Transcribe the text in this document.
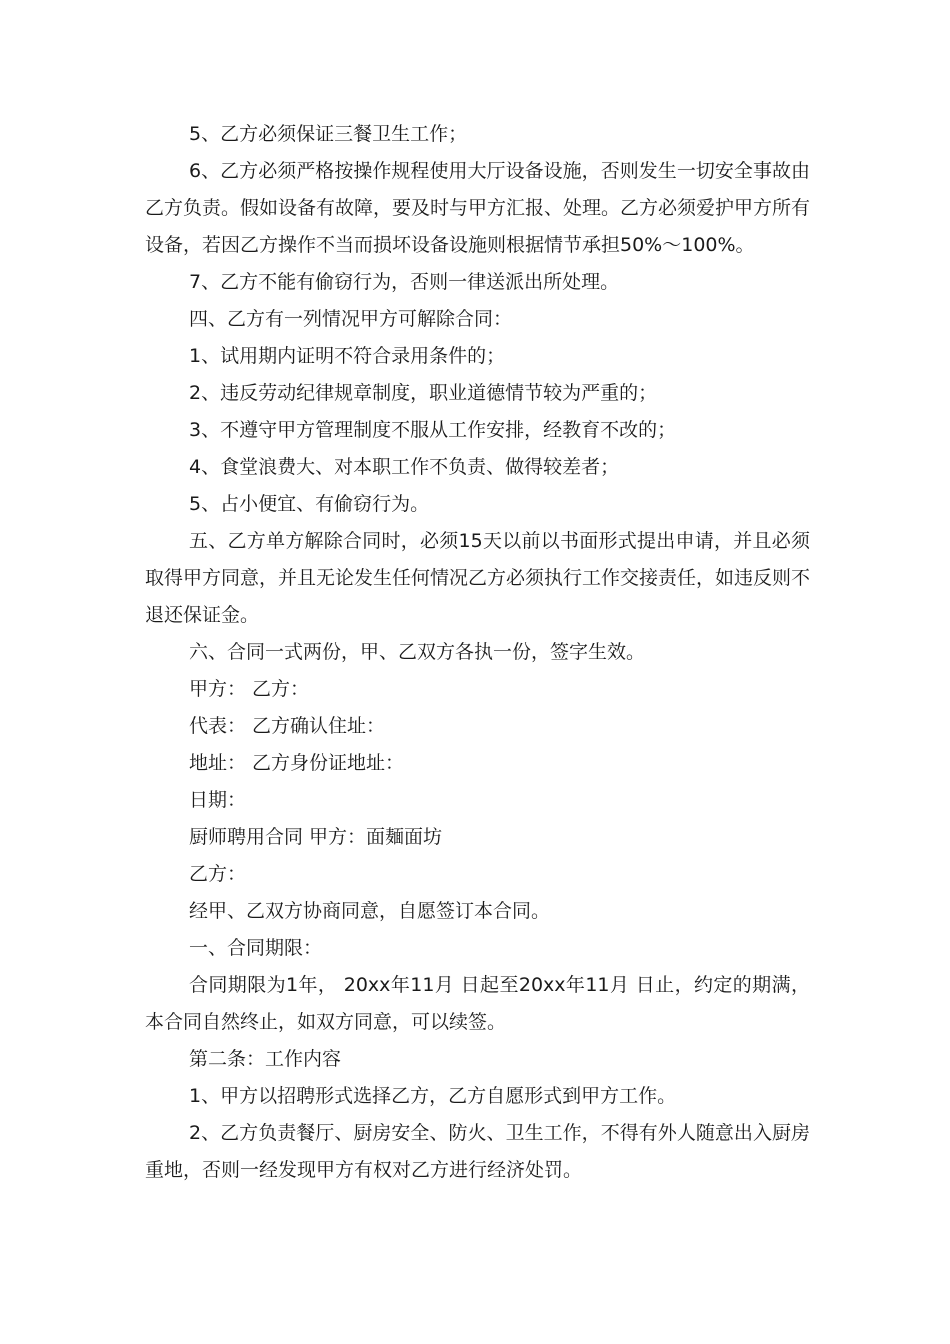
5、乙方必须保证三餐卫生工作；

6、乙方必须严格按操作规程使用大厅设备设施，否则发生一切安全事故由乙方负责。假如设备有故障，要及时与甲方汇报、处理。乙方必须爱护甲方所有设备，若因乙方操作不当而损坏设备设施则根据情节承担50%～100%。

7、乙方不能有偷窃行为，否则一律送派出所处理。

四、乙方有一列情况甲方可解除合同：

1、试用期内证明不符合录用条件的；

2、违反劳动纪律规章制度，职业道德情节较为严重的；

3、不遵守甲方管理制度不服从工作安排，经教育不改的；

4、食堂浪费大、对本职工作不负责、做得较差者；

5、占小便宜、有偷窃行为。

五、乙方单方解除合同时，必须15天以前以书面形式提出申请，并且必须取得甲方同意，并且无论发生任何情况乙方必须执行工作交接责任，如违反则不退还保证金。

六、合同一式两份，甲、乙双方各执一份，签字生效。

甲方： 乙方：

代表： 乙方确认住址：

地址： 乙方身份证地址：

日期：

厨师聘用合同 甲方：面麺面坊

乙方：

经甲、乙双方协商同意，自愿签订本合同。

一、合同期限：

合同期限为1年， 20xx年11月 日起至20xx年11月 日止，约定的期满，本合同自然终止，如双方同意，可以续签。

第二条：工作内容

1、甲方以招聘形式选择乙方，乙方自愿形式到甲方工作。

2、乙方负责餐厅、厨房安全、防火、卫生工作，不得有外人随意出入厨房重地，否则一经发现甲方有权对乙方进行经济处罚。
